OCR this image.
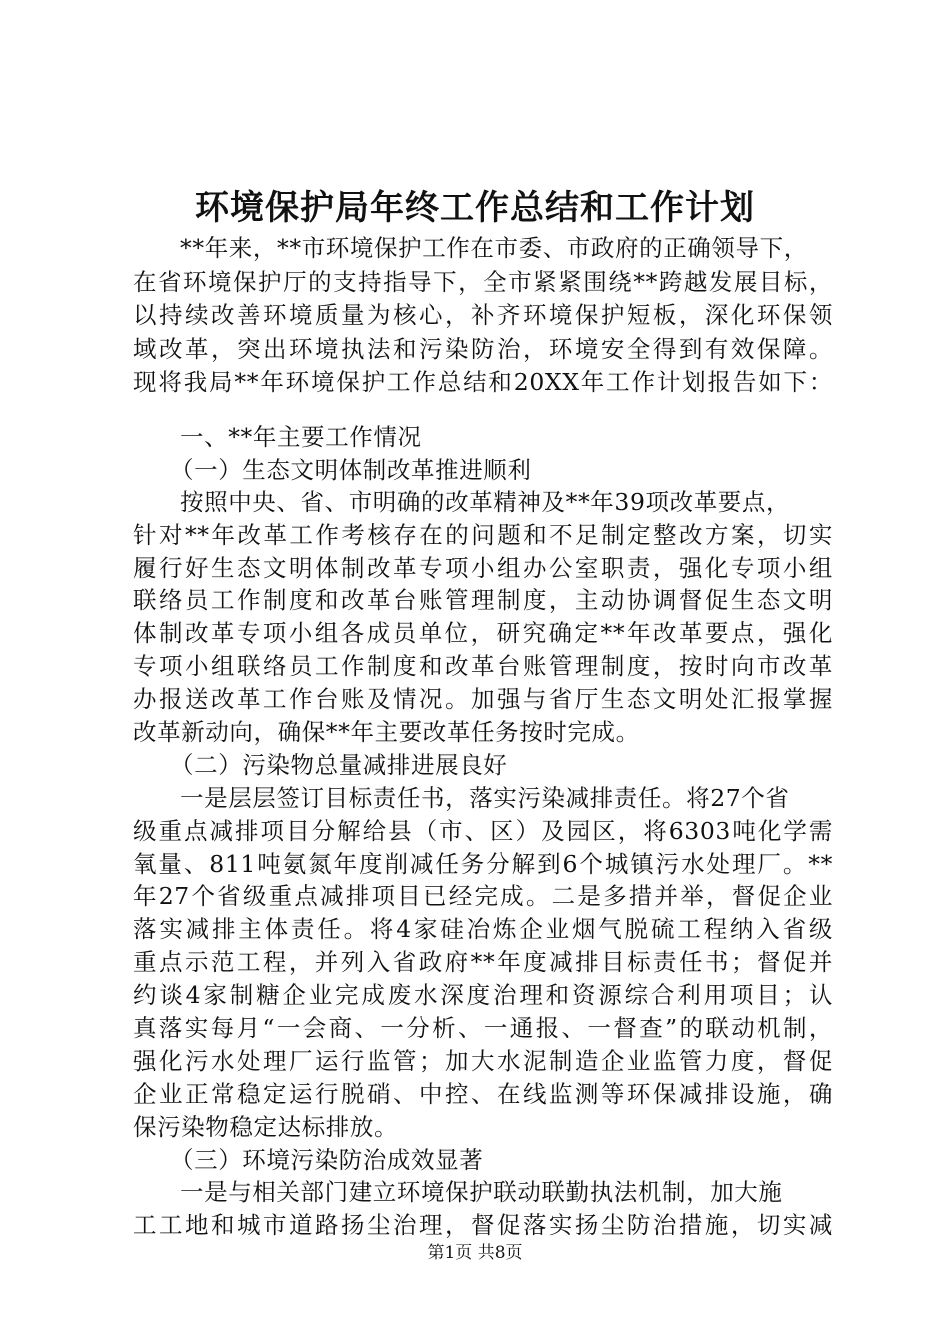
环境保护局年终工作总结和工作计划
**年来，**市环境保护工作在市委、市政府的正确领导下，
在省环境保护厅的支持指导下，全市紧紧围绕**跨越发展目标，
以持续改善环境质量为核心，补齐环境保护短板，深化环保领
域改革，突出环境执法和污染防治，环境安全得到有效保障。
现将我局**年环境保护工作总结和20XX年工作计划报告如下：
一、**年主要工作情况
（一）生态文明体制改革推进顺利
按照中央、省、市明确的改革精神及**年39项改革要点，
针对**年改革工作考核存在的问题和不足制定整改方案，切实
履行好生态文明体制改革专项小组办公室职责，强化专项小组
联络员工作制度和改革台账管理制度，主动协调督促生态文明
体制改革专项小组各成员单位，研究确定**年改革要点，强化
专项小组联络员工作制度和改革台账管理制度，按时向市改革
办报送改革工作台账及情况。加强与省厅生态文明处汇报掌握
改革新动向，确保**年主要改革任务按时完成。
（二）污染物总量减排进展良好
一是层层签订目标责任书，落实污染减排责任。将27个省
级重点减排项目分解给县（市、区）及园区，将6303吨化学需
氧量、811吨氨氮年度削减任务分解到6个城镇污水处理厂。**
年27个省级重点减排项目已经完成。二是多措并举，督促企业
落实减排主体责任。将4家硅冶炼企业烟气脱硫工程纳入省级
重点示范工程，并列入省政府**年度减排目标责任书；督促并
约谈4家制糖企业完成废水深度治理和资源综合利用项目；认
真落实每月“一会商、一分析、一通报、一督查”的联动机制，
强化污水处理厂运行监管；加大水泥制造企业监管力度，督促
企业正常稳定运行脱硝、中控、在线监测等环保减排设施，确
保污染物稳定达标排放。
（三）环境污染防治成效显著
一是与相关部门建立环境保护联动联勤执法机制，加大施
工工地和城市道路扬尘治理，督促落实扬尘防治措施，切实减
第1页 共8页
